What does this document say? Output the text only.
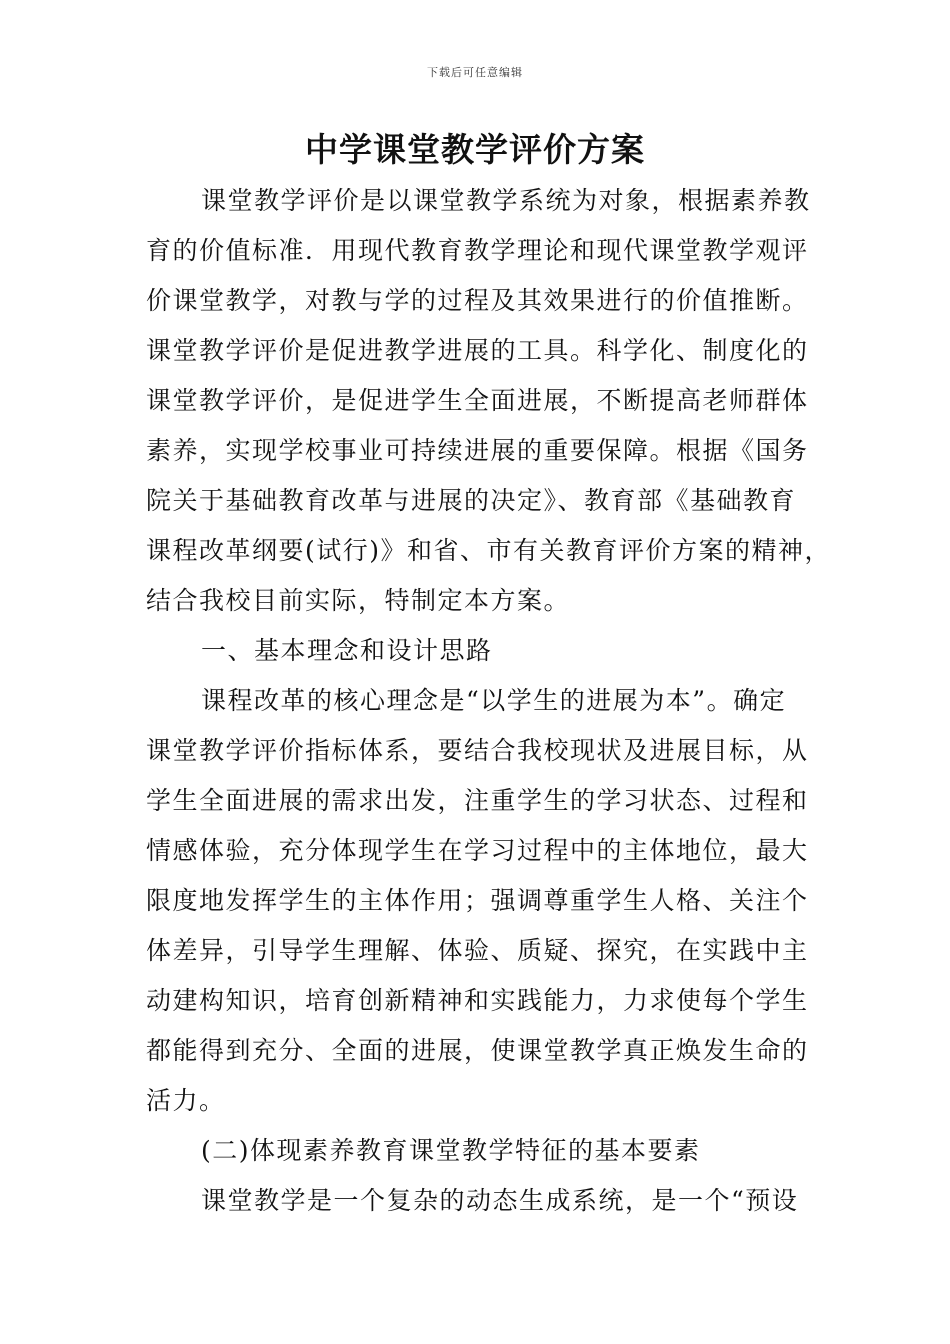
下载后可任意编辑
中学课堂教学评价方案
课堂教学评价是以课堂教学系统为对象，根据素养教
育的价值标准．用现代教育教学理论和现代课堂教学观评
价课堂教学，对教与学的过程及其效果进行的价值推断。
课堂教学评价是促进教学进展的工具。科学化、制度化的
课堂教学评价，是促进学生全面进展，不断提高老师群体
素养，实现学校事业可持续进展的重要保障。根据《国务
院关于基础教育改革与进展的决定》、教育部《基础教育
课程改革纲要(试行)》和省、市有关教育评价方案的精神，
结合我校目前实际，特制定本方案。
一、基本理念和设计思路
课程改革的核心理念是“以学生的进展为本”。确定
课堂教学评价指标体系，要结合我校现状及进展目标，从
学生全面进展的需求出发，注重学生的学习状态、过程和
情感体验，充分体现学生在学习过程中的主体地位，最大
限度地发挥学生的主体作用；强调尊重学生人格、关注个
体差异，引导学生理解、体验、质疑、探究，在实践中主
动建构知识，培育创新精神和实践能力，力求使每个学生
都能得到充分、全面的进展，使课堂教学真正焕发生命的
活力。
(二)体现素养教育课堂教学特征的基本要素
课堂教学是一个复杂的动态生成系统，是一个“预设
